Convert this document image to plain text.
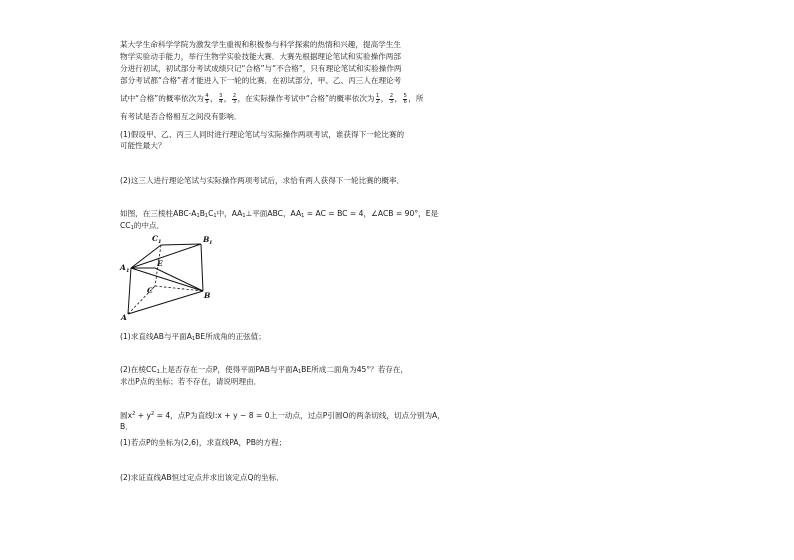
某大学生命科学学院为激发学生重视和积极参与科学探索的热情和兴趣，提高学生生
物学实验动手能力，举行生物学实验技能大赛．大赛先根据理论笔试和实验操作两部
分进行初试，初试部分考试成绩只记“合格”与“不合格”，只有理论笔试和实验操作两
部分考试都“合格”者才能进入下一轮的比赛．在初试部分，甲、乙、丙三人在理论考
试中“合格”的概率依次为 $\frac{4}{5}$ ， $\frac{3}{4}$ ， $\frac{2}{3}$ ，在实际操作考试中“合格”的概率依次为 $\frac{1}{2}$ ， $\frac{2}{3}$ ， $\frac{5}{6}$ ，所
有考试是否合格相互之间没有影响．
(1)假设甲、乙、丙三人同时进行理论笔试与实际操作两项考试，谁获得下一轮比赛的
可能性最大？
(2)这三人进行理论笔试与实际操作两项考试后，求恰有两人获得下一轮比赛的概率．
如图，在三棱柱ABC-$A_1B_1C_1$中，$AA_1\perp$平面ABC，$AA_1$ = AC = BC = 4，∠ACB = 90°，E是
$CC_1$的中点．
C 1	B 1
A 1
E
C
B
A
(1)求直线AB与平面$A_1BE$所成角的正弦值；
(2)在棱$CC_1$上是否存在一点P，使得平面PAB与平面$A_1BE$所成二面角为45°？若存在，
求出P点的坐标；若不存在，请说明理由．
圆$x^2 + y^2 = 4$，点P为直线l:x + y − 8 = 0上一动点，过点P引圆O的两条切线，切点分别为A，
B．
(1)若点P的坐标为(2,6)，求直线PA，PB的方程；
(2)求证直线AB恒过定点并求出该定点Q的坐标．
